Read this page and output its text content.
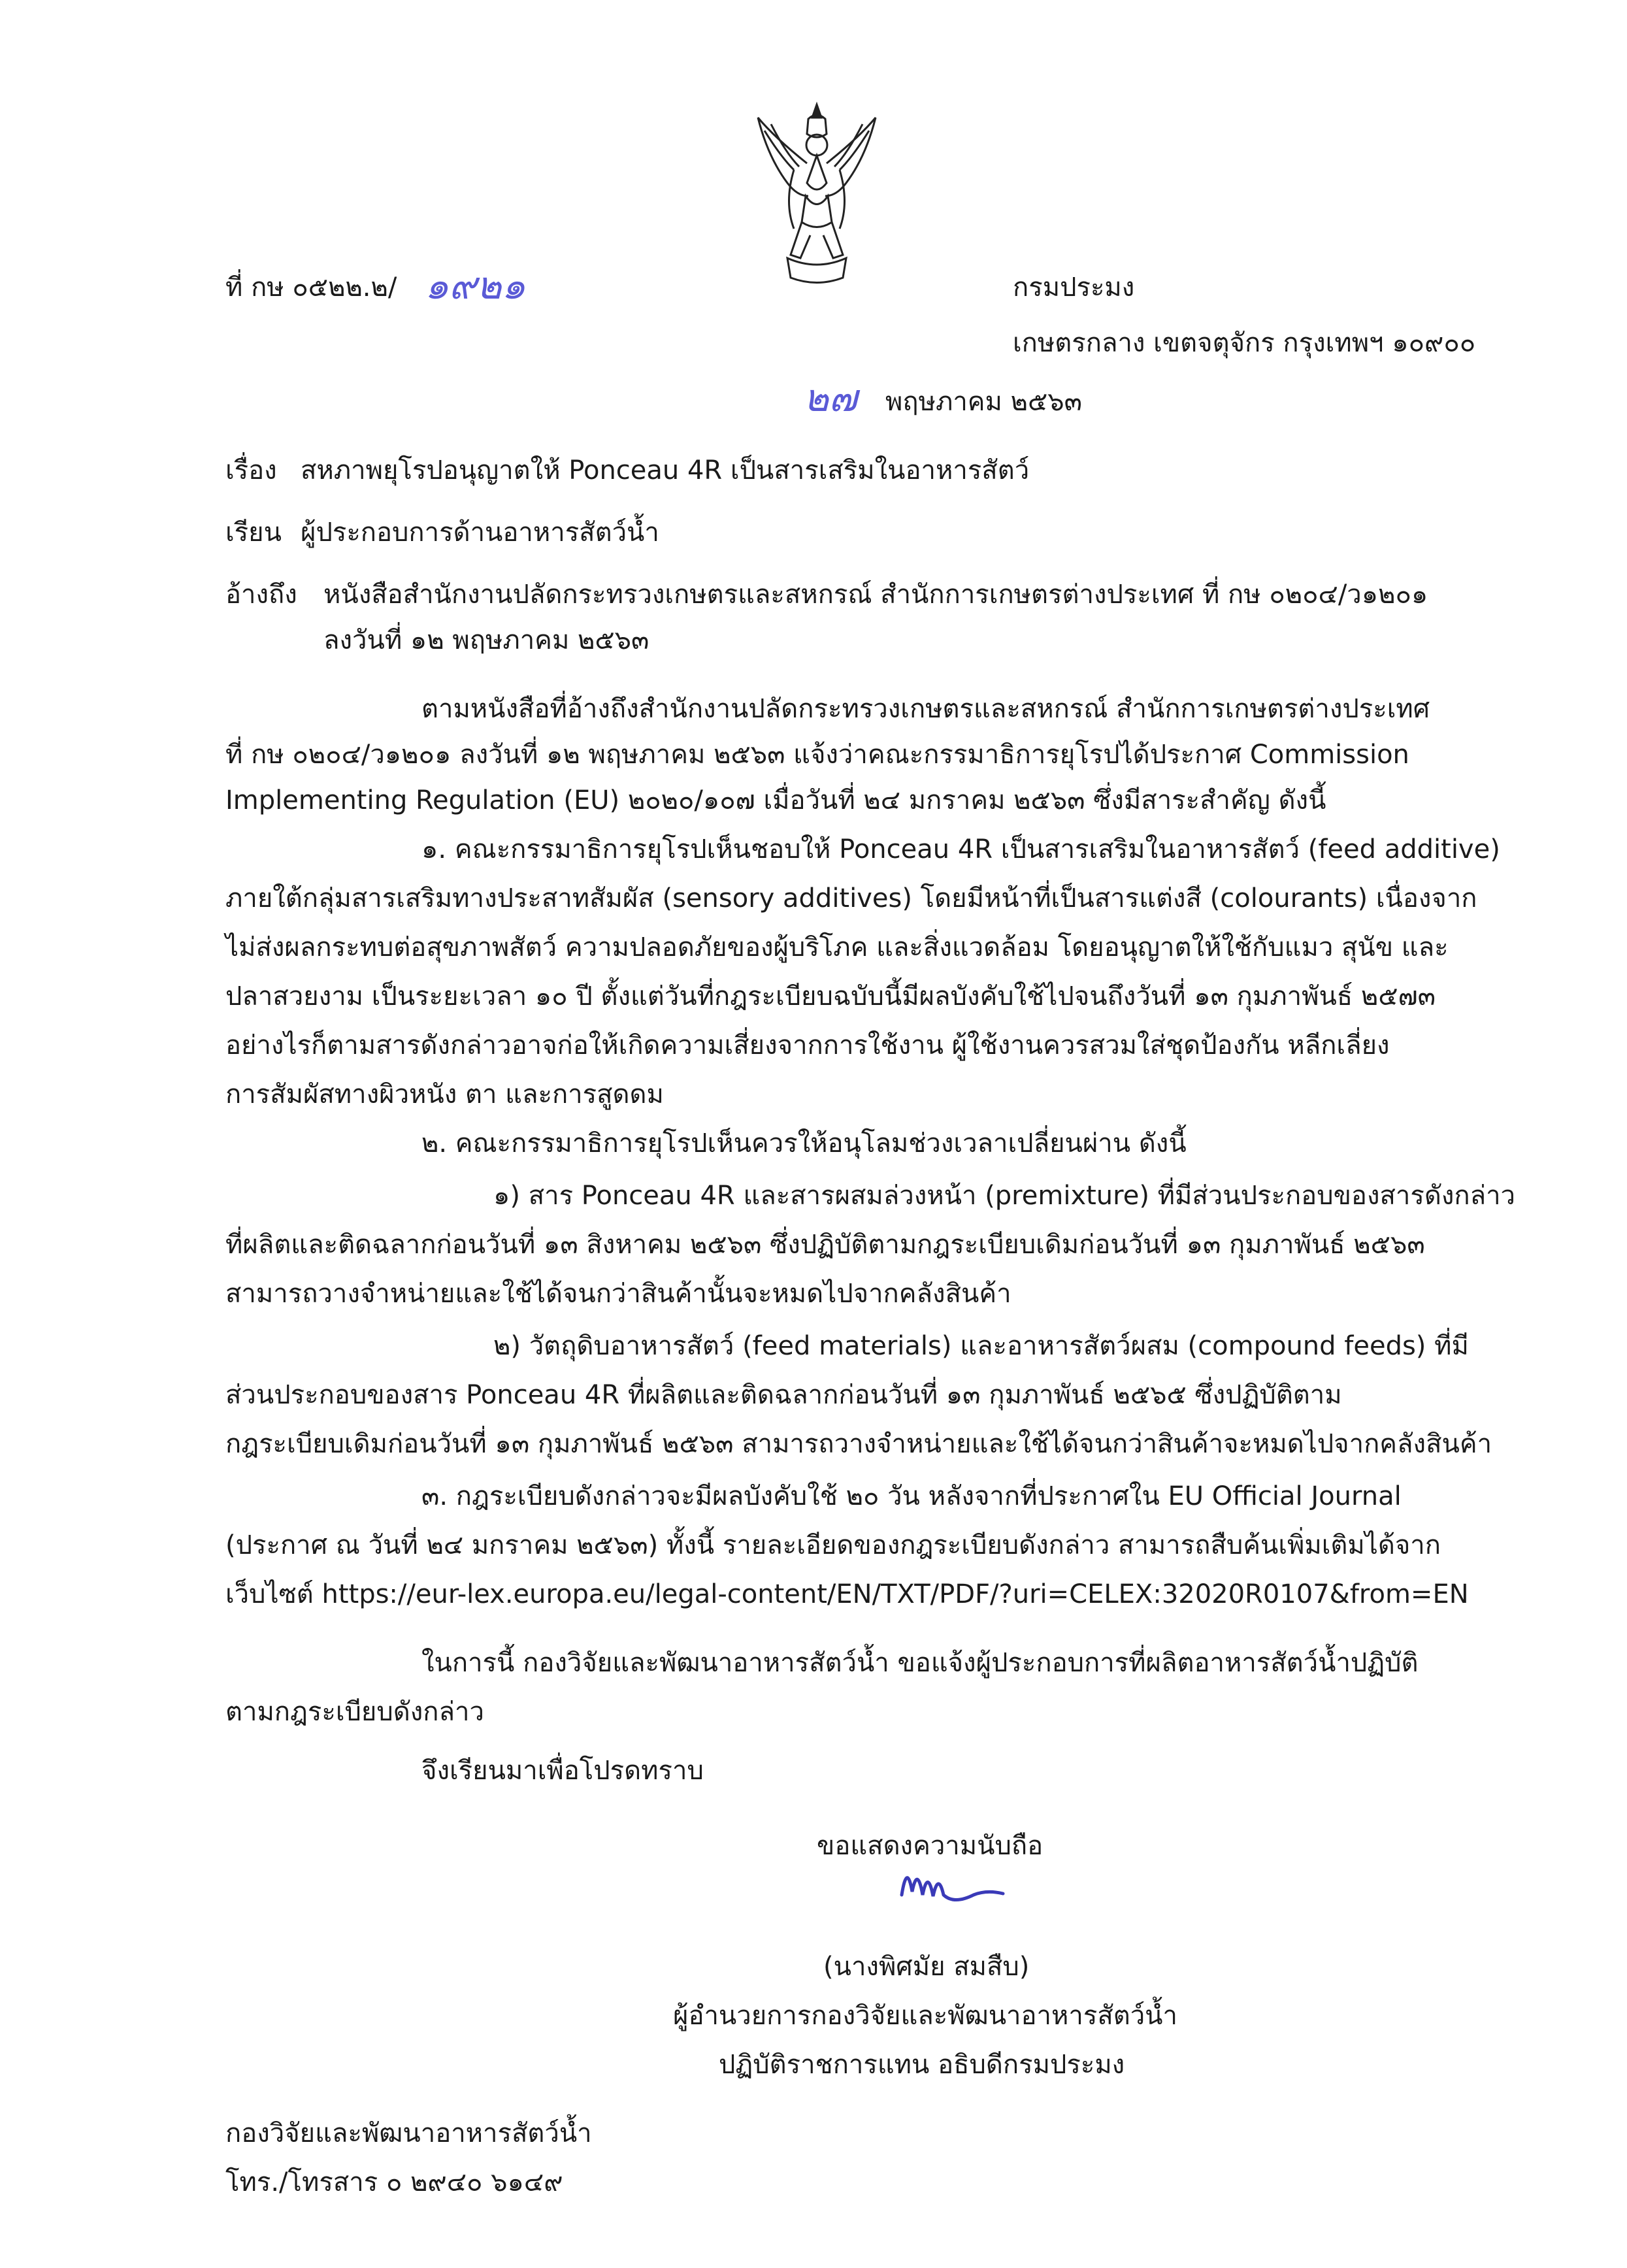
ที่ กษ ๐๕๒๒.๒/ ๑๙๒๑	กรมประมง
เกษตรกลาง เขตจตุจักร กรุงเทพฯ ๑๐๙๐๐
๒๗ พฤษภาคม ๒๕๖๓
เรื่อง สหภาพยุโรปอนุญาตให้ Ponceau 4R เป็นสารเสริมในอาหารสัตว์
เรียน ผู้ประกอบการด้านอาหารสัตว์น้ำ
อ้างถึง หนังสือสำนักงานปลัดกระทรวงเกษตรและสหกรณ์ สำนักการเกษตรต่างประเทศ ที่ กษ ๐๒๐๔/ว๑๒๐๑
ลงวันที่ ๑๒ พฤษภาคม ๒๕๖๓
ตามหนังสือที่อ้างถึงสำนักงานปลัดกระทรวงเกษตรและสหกรณ์ สำนักการเกษตรต่างประเทศ
ที่ กษ ๐๒๐๔/ว๑๒๐๑ ลงวันที่ ๑๒ พฤษภาคม ๒๕๖๓ แจ้งว่าคณะกรรมาธิการยุโรปได้ประกาศ Commission
Implementing Regulation (EU) ๒๐๒๐/๑๐๗ เมื่อวันที่ ๒๔ มกราคม ๒๕๖๓ ซึ่งมีสาระสำคัญ ดังนี้
๑. คณะกรรมาธิการยุโรปเห็นชอบให้ Ponceau 4R เป็นสารเสริมในอาหารสัตว์ (feed additive)
ภายใต้กลุ่มสารเสริมทางประสาทสัมผัส (sensory additives) โดยมีหน้าที่เป็นสารแต่งสี (colourants) เนื่องจาก
ไม่ส่งผลกระทบต่อสุขภาพสัตว์ ความปลอดภัยของผู้บริโภค และสิ่งแวดล้อม โดยอนุญาตให้ใช้กับแมว สุนัข และ
ปลาสวยงาม เป็นระยะเวลา ๑๐ ปี ตั้งแต่วันที่กฎระเบียบฉบับนี้มีผลบังคับใช้ไปจนถึงวันที่ ๑๓ กุมภาพันธ์ ๒๕๗๓
อย่างไรก็ตามสารดังกล่าวอาจก่อให้เกิดความเสี่ยงจากการใช้งาน ผู้ใช้งานควรสวมใส่ชุดป้องกัน หลีกเลี่ยง
การสัมผัสทางผิวหนัง ตา และการสูดดม
๒. คณะกรรมาธิการยุโรปเห็นควรให้อนุโลมช่วงเวลาเปลี่ยนผ่าน ดังนี้
๑) สาร Ponceau 4R และสารผสมล่วงหน้า (premixture) ที่มีส่วนประกอบของสารดังกล่าว
ที่ผลิตและติดฉลากก่อนวันที่ ๑๓ สิงหาคม ๒๕๖๓ ซึ่งปฏิบัติตามกฎระเบียบเดิมก่อนวันที่ ๑๓ กุมภาพันธ์ ๒๕๖๓
สามารถวางจำหน่ายและใช้ได้จนกว่าสินค้านั้นจะหมดไปจากคลังสินค้า
๒) วัตถุดิบอาหารสัตว์ (feed materials) และอาหารสัตว์ผสม (compound feeds) ที่มี
ส่วนประกอบของสาร Ponceau 4R ที่ผลิตและติดฉลากก่อนวันที่ ๑๓ กุมภาพันธ์ ๒๕๖๕ ซึ่งปฏิบัติตาม
กฎระเบียบเดิมก่อนวันที่ ๑๓ กุมภาพันธ์ ๒๕๖๓ สามารถวางจำหน่ายและใช้ได้จนกว่าสินค้าจะหมดไปจากคลังสินค้า
๓. กฎระเบียบดังกล่าวจะมีผลบังคับใช้ ๒๐ วัน หลังจากที่ประกาศใน EU Official Journal
(ประกาศ ณ วันที่ ๒๔ มกราคม ๒๕๖๓) ทั้งนี้ รายละเอียดของกฎระเบียบดังกล่าว สามารถสืบค้นเพิ่มเติมได้จาก
เว็บไซต์ https://eur-lex.europa.eu/legal-content/EN/TXT/PDF/?uri=CELEX:32020R0107&from=EN
ในการนี้ กองวิจัยและพัฒนาอาหารสัตว์น้ำ ขอแจ้งผู้ประกอบการที่ผลิตอาหารสัตว์น้ำปฏิบัติ
ตามกฎระเบียบดังกล่าว
จึงเรียนมาเพื่อโปรดทราบ
ขอแสดงความนับถือ
(นางพิศมัย สมสืบ)
ผู้อำนวยการกองวิจัยและพัฒนาอาหารสัตว์น้ำ
ปฏิบัติราชการแทน อธิบดีกรมประมง
กองวิจัยและพัฒนาอาหารสัตว์น้ำ
โทร./โทรสาร ๐ ๒๙๔๐ ๖๑๔๙
